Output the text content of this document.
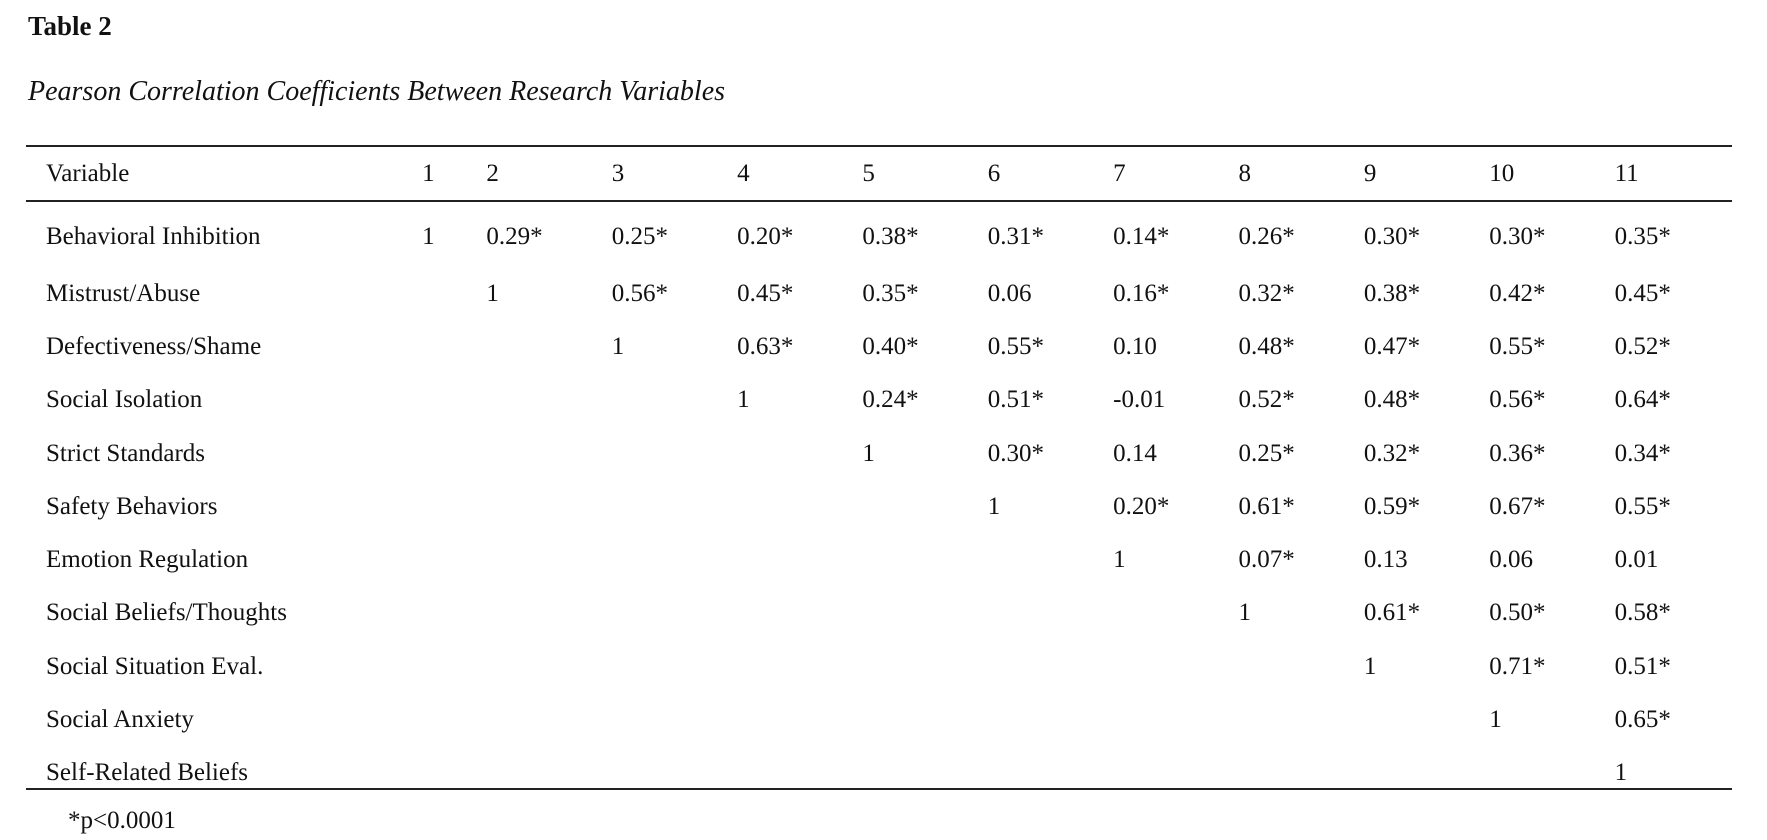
Table 2
Pearson Correlation Coefficients Between Research Variables
Variable	1	2	3	4	5	6	7	8	9	10	11
Behavioral Inhibition	1	0.29*	0.25*	0.20*	0.38*	0.31*	0.14*	0.26*	0.30*	0.30*	0.35*
Mistrust/Abuse		1	0.56*	0.45*	0.35*	0.06	0.16*	0.32*	0.38*	0.42*	0.45*
Defectiveness/Shame			1	0.63*	0.40*	0.55*	0.10	0.48*	0.47*	0.55*	0.52*
Social Isolation				1	0.24*	0.51*	-0.01	0.52*	0.48*	0.56*	0.64*
Strict Standards					1	0.30*	0.14	0.25*	0.32*	0.36*	0.34*
Safety Behaviors						1	0.20*	0.61*	0.59*	0.67*	0.55*
Emotion Regulation							1	0.07*	0.13	0.06	0.01
Social Beliefs/Thoughts								1	0.61*	0.50*	0.58*
Social Situation Eval.									1	0.71*	0.51*
Social Anxiety										1	0.65*
Self-Related Beliefs											1
*p<0.0001
